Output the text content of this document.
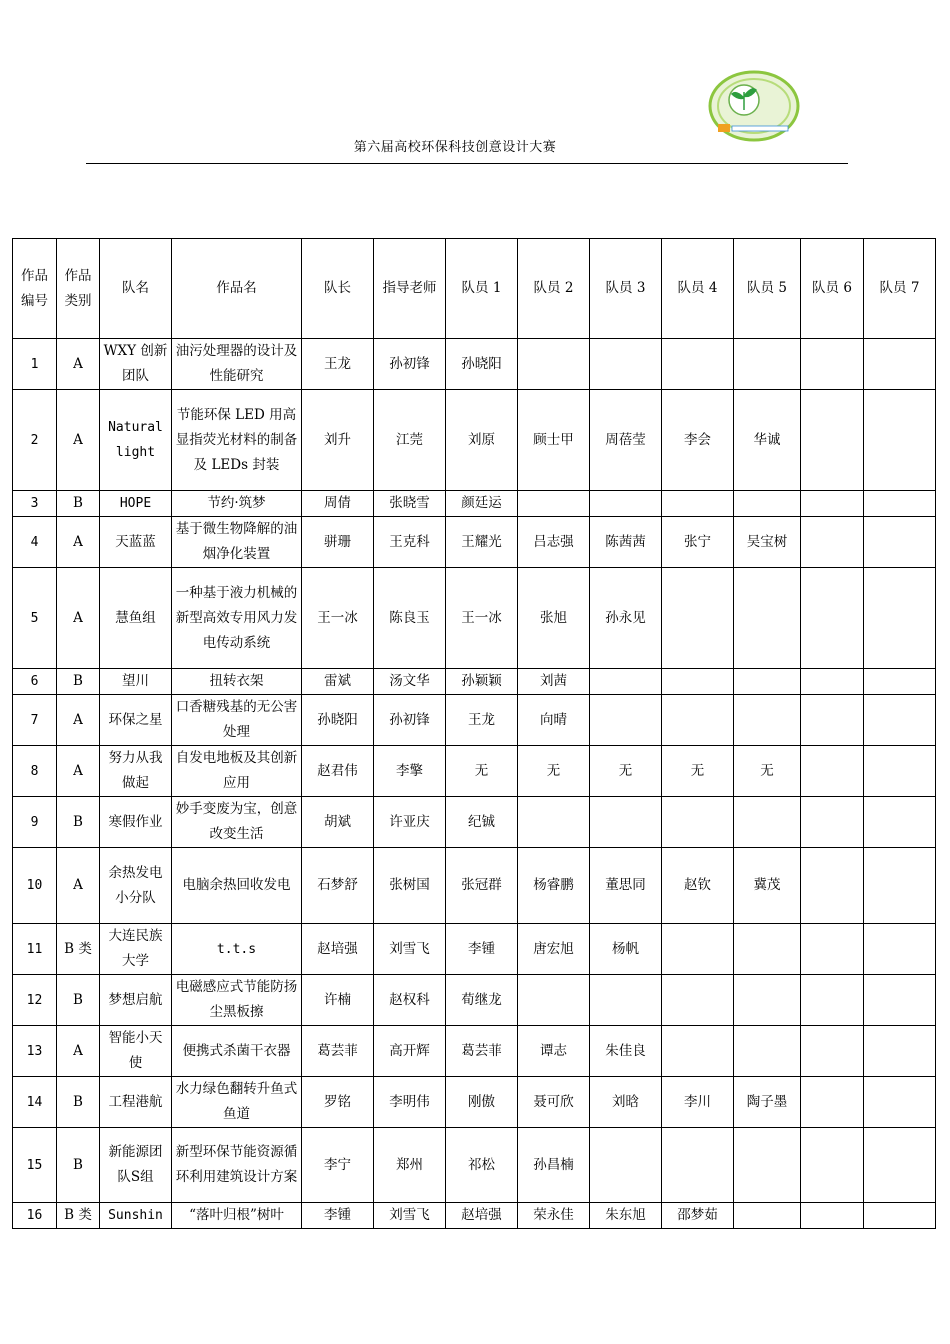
第六届高校环保科技创意设计大赛
作品编号	作品类别	队名	作品名	队长	指导老师	队员 1	队员 2	队员 3	队员 4	队员 5	队员 6	队员 7
1	A	WXY 创新团队	油污处理器的设计及性能研究	王龙	孙初锋	孙晓阳						
2	A	Natural light	节能环保 LED 用高显指荧光材料的制备及 LEDs 封装	刘升	江莞	刘原	顾士甲	周蓓莹	李会	华诚		
3	B	HOPE	节约·筑梦	周倩	张晓雪	颜廷运						
4	A	天蓝蓝	基于微生物降解的油烟净化装置	骈珊	王克科	王耀光	吕志强	陈茜茜	张宁	吴宝树		
5	A	慧鱼组	一种基于液力机械的新型高效专用风力发电传动系统	王一冰	陈良玉	王一冰	张旭	孙永见				
6	B	望川	扭转衣架	雷斌	汤文华	孙颖颖	刘茜					
7	A	环保之星	口香糖残基的无公害处理	孙晓阳	孙初锋	王龙	向晴					
8	A	努力从我做起	自发电地板及其创新应用	赵君伟	李擎	无	无	无	无	无		
9	B	寒假作业	妙手变废为宝，创意改变生活	胡斌	许亚庆	纪铖						
10	A	余热发电小分队	电脑余热回收发电	石梦舒	张树国	张冠群	杨睿鹏	董思同	赵钦	冀茂		
11	B 类	大连民族大学	t.t.s	赵培强	刘雪飞	李锺	唐宏旭	杨帆				
12	B	梦想启航	电磁感应式节能防扬尘黑板擦	许楠	赵权科	荀继龙						
13	A	智能小天使	便携式杀菌干衣器	葛芸菲	高开辉	葛芸菲	谭志	朱佳良				
14	B	工程港航	水力绿色翻转升鱼式鱼道	罗铭	李明伟	刚傲	聂可欣	刘晗	李川	陶子墨		
15	B	新能源团队S组	新型环保节能资源循环利用建筑设计方案	李宁	郑州	祁松	孙昌楠					
16	B 类	Sunshin	“落叶归根”树叶	李锺	刘雪飞	赵培强	荣永佳	朱东旭	邵梦茹			
